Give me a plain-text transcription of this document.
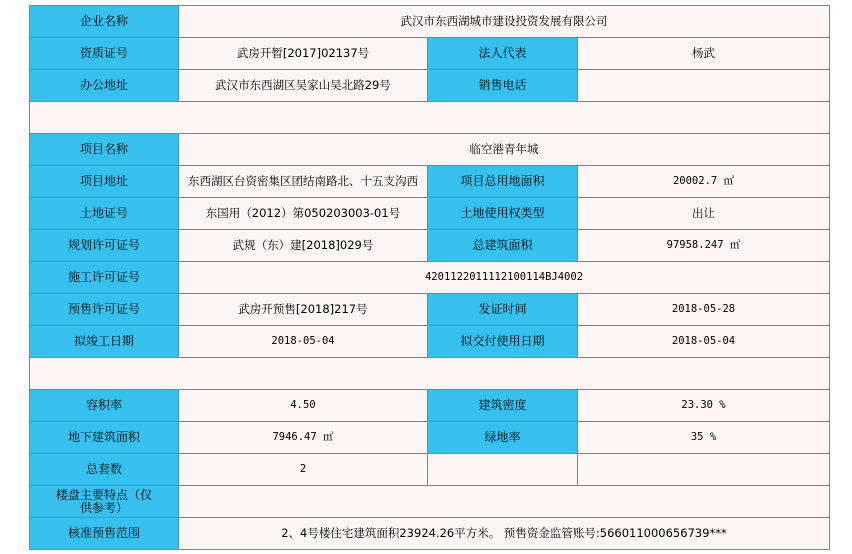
企业名称	武汉市东西湖城市建设投资发展有限公司		
资质证号	武房开暂[2017]02137号	法人代表	杨武
办公地址	武汉市东西湖区吴家山吴北路29号	销售电话	

项目名称	临空港青年城		
项目地址	东西湖区台资密集区团结南路北、十五支沟西	项目总用地面积	20002.7 ㎡
土地证号	东国用（2012）第050203003-01号	土地使用权类型	出让
规划许可证号	武规（东）建[2018]029号	总建筑面积	97958.247 ㎡
施工许可证号	420112201111210011​4BJ4002		
预售许可证号	武房开预售[2018]217号	发证时间	2018-05-28
拟竣工日期	2018-05-04	拟交付使用日期	2018-05-04

容积率	4.50	建筑密度	23.30 %
地下建筑面积	7946.47 ㎡	绿地率	35 %
总套数	2		
楼盘主要特点（仅供参考）			
核准预售范围	2、4号楼住宅建筑面积23924.26平方米。 预售资金监管账号:566011000656739***		
